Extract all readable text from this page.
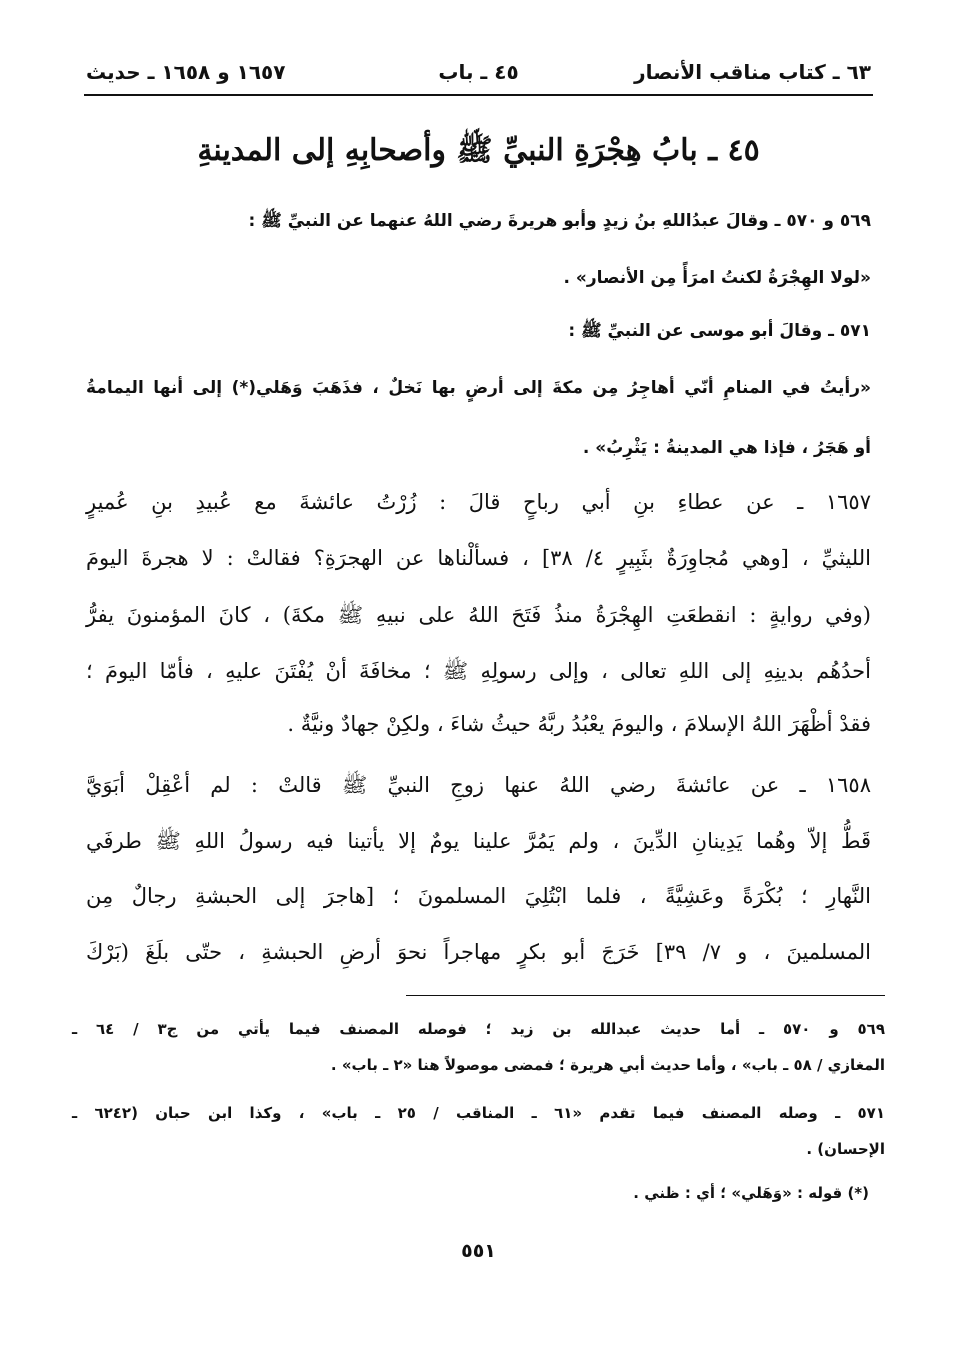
٦٣ ـ كتاب مناقب الأنصار
٤٥ ـ باب
١٦٥٧ و ١٦٥٨ ـ حديث
٤٥ ـ بابُ هِجْرَةِ النبيِّ ﷺ وأصحابِهِ إلى المدينةِ
٥٦٩ و ٥٧٠ ـ وقالَ عبدُاللهِ بنُ زيدٍ وأبو هريرةَ رضي اللهُ عنهما عن النبيِّ ﷺ :
«لولا الهِجْرَةُ لكنتُ امرَأً مِن الأنصار» .
٥٧١ ـ وقالَ أبو موسى عن النبيِّ ﷺ :
«رأيتُ في المنامِ أنّي أهاجِرُ مِن مكةَ إلى أرضٍ بها نَخلٌ ، فذَهَبَ وَهَلي(*) إلى أنها اليمامةُ
أو هَجَرُ ، فإذا هي المدينةُ : يَثْرِبُ» .
١٦٥٧ ـ عن عطاءِ بنِ أبي رباحٍ قالَ : زُرْتُ عائشةَ مع عُبيدِ بنِ عُميرٍ
الليثيِّ ، [وهي مُجاوِرَةٌ بثَبِيرٍ ٤/ ٣٨] ، فسألْناها عن الهجرَةِ؟ فقالتْ : لا هجرةَ اليومَ
(وفي روايةٍ : انقطعَتِ الهِجْرَةُ منذُ فَتَحَ اللهُ على نبيهِ ﷺ مكةَ) ، كانَ المؤمنونَ يفرُّ
أحدُهُم بدينِهِ إلى اللهِ تعالى ، وإلى رسولِهِ ﷺ ؛ مخافَةَ أنْ يُفْتَنَ عليهِ ، فأمّا اليومَ ؛
فقدْ أظْهَرَ اللهُ الإسلامَ ، واليومَ يعْبُدُ ربَّهُ حيثُ شاءَ ، ولكِنْ جهادٌ ونيَّةٌ .
١٦٥٨ ـ عن عائشةَ رضي اللهُ عنها زوجِ النبيِّ ﷺ قالتْ : لم أعْقِلْ أبَوَيَّ
قَطُّ إلاّ وهُما يَدِينانِ الدِّينَ ، ولم يَمُرَّ علينا يومٌ إلا يأتينا فيه رسولُ اللهِ ﷺ طرفَي
النَّهارِ ؛ بُكْرَةً وعَشِيَّةً ، فلما ابْتُلِيَ المسلمونَ ؛ [هاجرَ إلى الحبشةِ رجالٌ مِن
المسلمينَ ، و ٧/ ٣٩] خَرَجَ أبو بكرٍ مهاجراً نحوَ أرضِ الحبشةِ ، حتّى بلَغَ (بَرْكَ
٥٦٩ و ٥٧٠ ـ أما حديث عبدالله بن زيد ؛ فوصله المصنف فيما يأتي من ج٣ / ٦٤ ـ
المغازي / ٥٨ ـ باب» ، وأما حديث أبي هريرة ؛ فمضى موصولاً هنا «٢ ـ باب» .
٥٧١ ـ وصله المصنف فيما تقدم «٦١ ـ المناقب / ٢٥ ـ باب» ، وكذا ابن حبان (٦٢٤٢ ـ
الإحسان) .
(*) قوله : «وَهَلي» ؛ أي : ظني .
٥٥١
